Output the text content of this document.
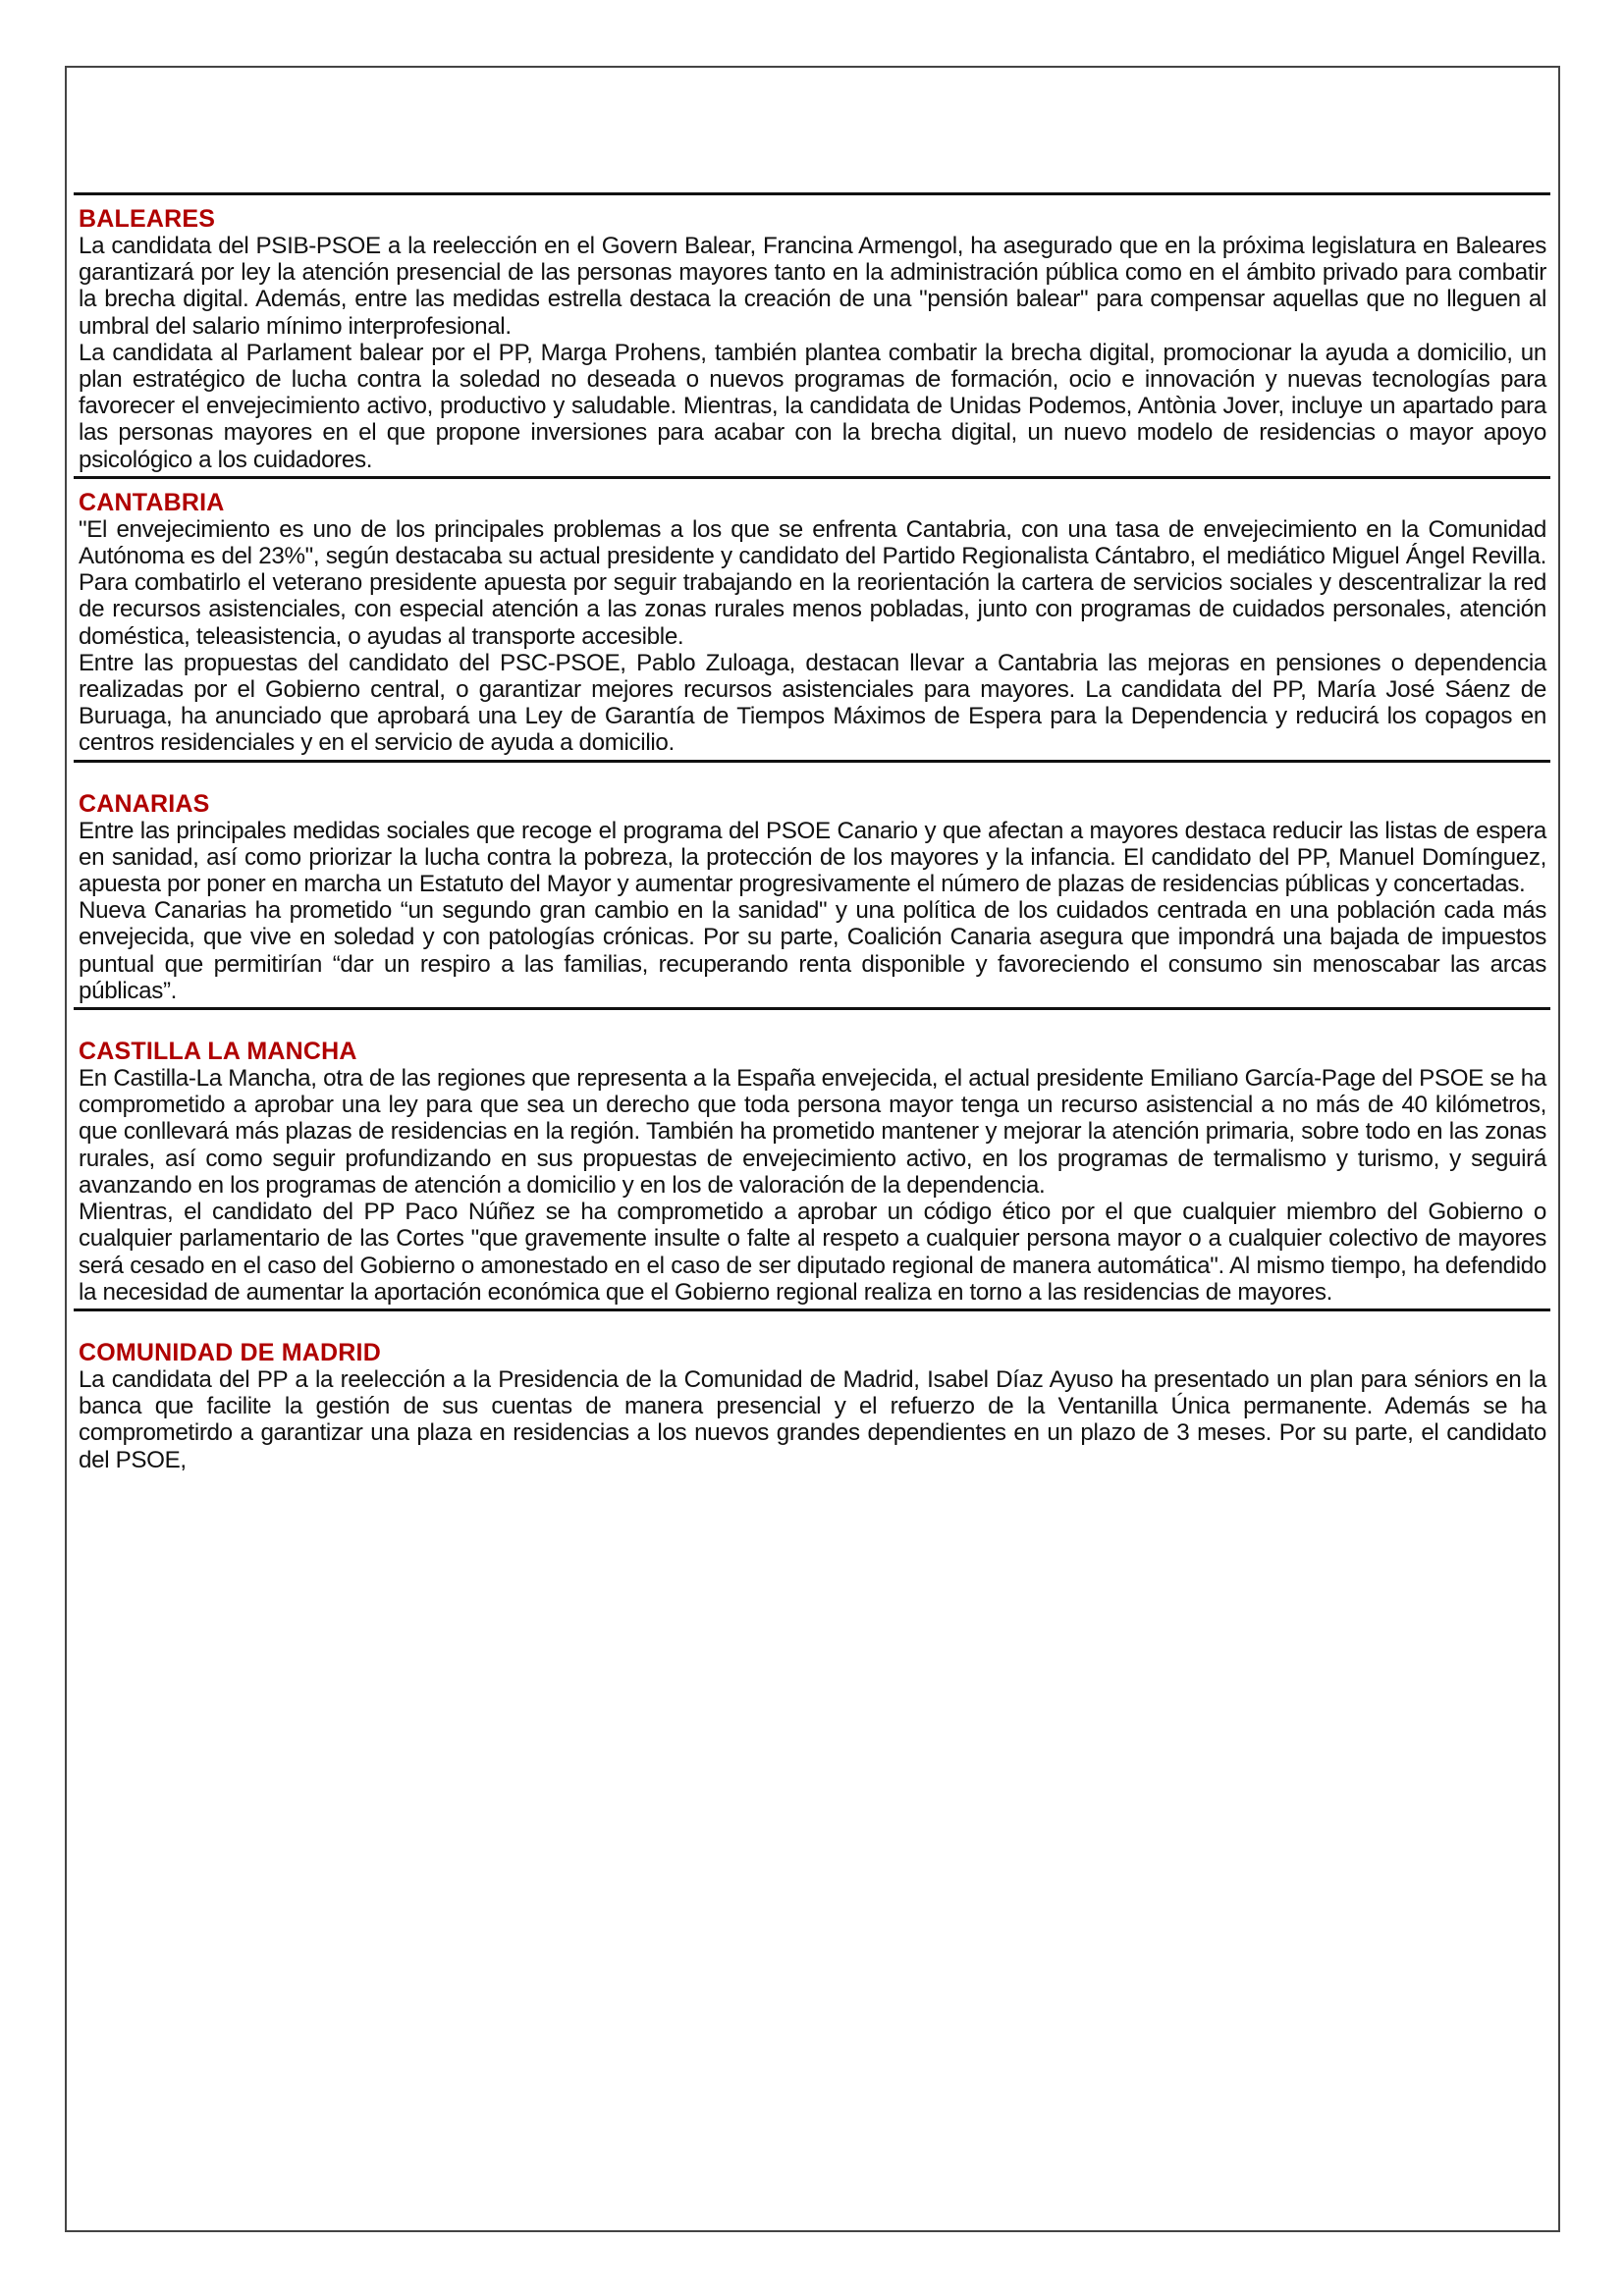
BALEARES

La candidata del PSIB-PSOE a la reelección en el Govern Balear, Francina Armengol, ha asegurado que en la próxima legislatura en Baleares garantizará por ley la atención presencial de las personas mayores tanto en la administración pública como en el ámbito privado para combatir la brecha digital. Además, entre las medidas estrella destaca la creación de una "pensión balear" para compensar aquellas que no lleguen al umbral del salario mínimo interprofesional.

La candidata al Parlament balear por el PP, Marga Prohens, también plantea combatir la brecha digital, promocionar la ayuda a domicilio, un plan estratégico de lucha contra la soledad no deseada o nuevos programas de formación, ocio e innovación y nuevas tecnologías para favorecer el envejecimiento activo, productivo y saludable. Mientras, la candidata de Unidas Podemos, Antònia Jover, incluye un apartado para las personas mayores en el que propone inversiones para acabar con la brecha digital, un nuevo modelo de residencias o mayor apoyo psicológico a los cuidadores.

CANTABRIA

"El envejecimiento es uno de los principales problemas a los que se enfrenta Cantabria, con una tasa de envejecimiento en la Comunidad Autónoma es del 23%", según destacaba su actual presidente y candidato del Partido Regionalista Cántabro, el mediático Miguel Ángel Revilla. Para combatirlo el veterano presidente apuesta por seguir trabajando en la reorientación la cartera de servicios sociales y descentralizar la red de recursos asistenciales, con especial atención a las zonas rurales menos pobladas, junto con programas de cuidados personales, atención doméstica, teleasistencia, o ayudas al transporte accesible.

Entre las propuestas del candidato del PSC-PSOE, Pablo Zuloaga, destacan llevar a Cantabria las mejoras en pensiones o dependencia realizadas por el Gobierno central, o garantizar mejores recursos asistenciales para mayores. La candidata del PP, María José Sáenz de Buruaga, ha anunciado que aprobará una Ley de Garantía de Tiempos Máximos de Espera para la Dependencia y reducirá los copagos en centros residenciales y en el servicio de ayuda a domicilio.

CANARIAS

Entre las principales medidas sociales que recoge el programa del PSOE Canario y que afectan a mayores destaca reducir las listas de espera en sanidad, así como priorizar la lucha contra la pobreza, la protección de los mayores y la infancia. El candidato del PP, Manuel Domínguez, apuesta por poner en marcha un Estatuto del Mayor y aumentar progresivamente el número de plazas de residencias públicas y concertadas.

Nueva Canarias ha prometido “un segundo gran cambio en la sanidad" y una política de los cuidados centrada en una población cada más envejecida, que vive en soledad y con patologías crónicas. Por su parte, Coalición Canaria asegura que impondrá una bajada de impuestos puntual que permitirían “dar un respiro a las familias, recuperando renta disponible y favoreciendo el consumo sin menoscabar las arcas públicas”.

CASTILLA LA MANCHA

En Castilla-La Mancha, otra de las regiones que representa a la España envejecida, el actual presidente Emiliano García-Page del PSOE se ha comprometido a aprobar una ley para que sea un derecho que toda persona mayor tenga un recurso asistencial a no más de 40 kilómetros, que conllevará más plazas de residencias en la región. También ha prometido mantener y mejorar la atención primaria, sobre todo en las zonas rurales, así como seguir profundizando en sus propuestas de envejecimiento activo, en los programas de termalismo y turismo, y seguirá avanzando en los programas de atención a domicilio y en los de valoración de la dependencia.

Mientras, el candidato del PP Paco Núñez se ha comprometido a aprobar un código ético por el que cualquier miembro del Gobierno o cualquier parlamentario de las Cortes "que gravemente insulte o falte al respeto a cualquier persona mayor o a cualquier colectivo de mayores será cesado en el caso del Gobierno o amonestado en el caso de ser diputado regional de manera automática". Al mismo tiempo, ha defendido la necesidad de aumentar la aportación económica que el Gobierno regional realiza en torno a las residencias de mayores.

COMUNIDAD DE MADRID

La candidata del PP a la reelección a la Presidencia de la Comunidad de Madrid, Isabel Díaz Ayuso ha presentado un plan para séniors en la banca que facilite la gestión de sus cuentas de manera presencial y el refuerzo de la Ventanilla Única permanente. Además se ha comprometirdo a garantizar una plaza en residencias a los nuevos grandes dependientes en un plazo de 3 meses. Por su parte, el candidato del PSOE,
